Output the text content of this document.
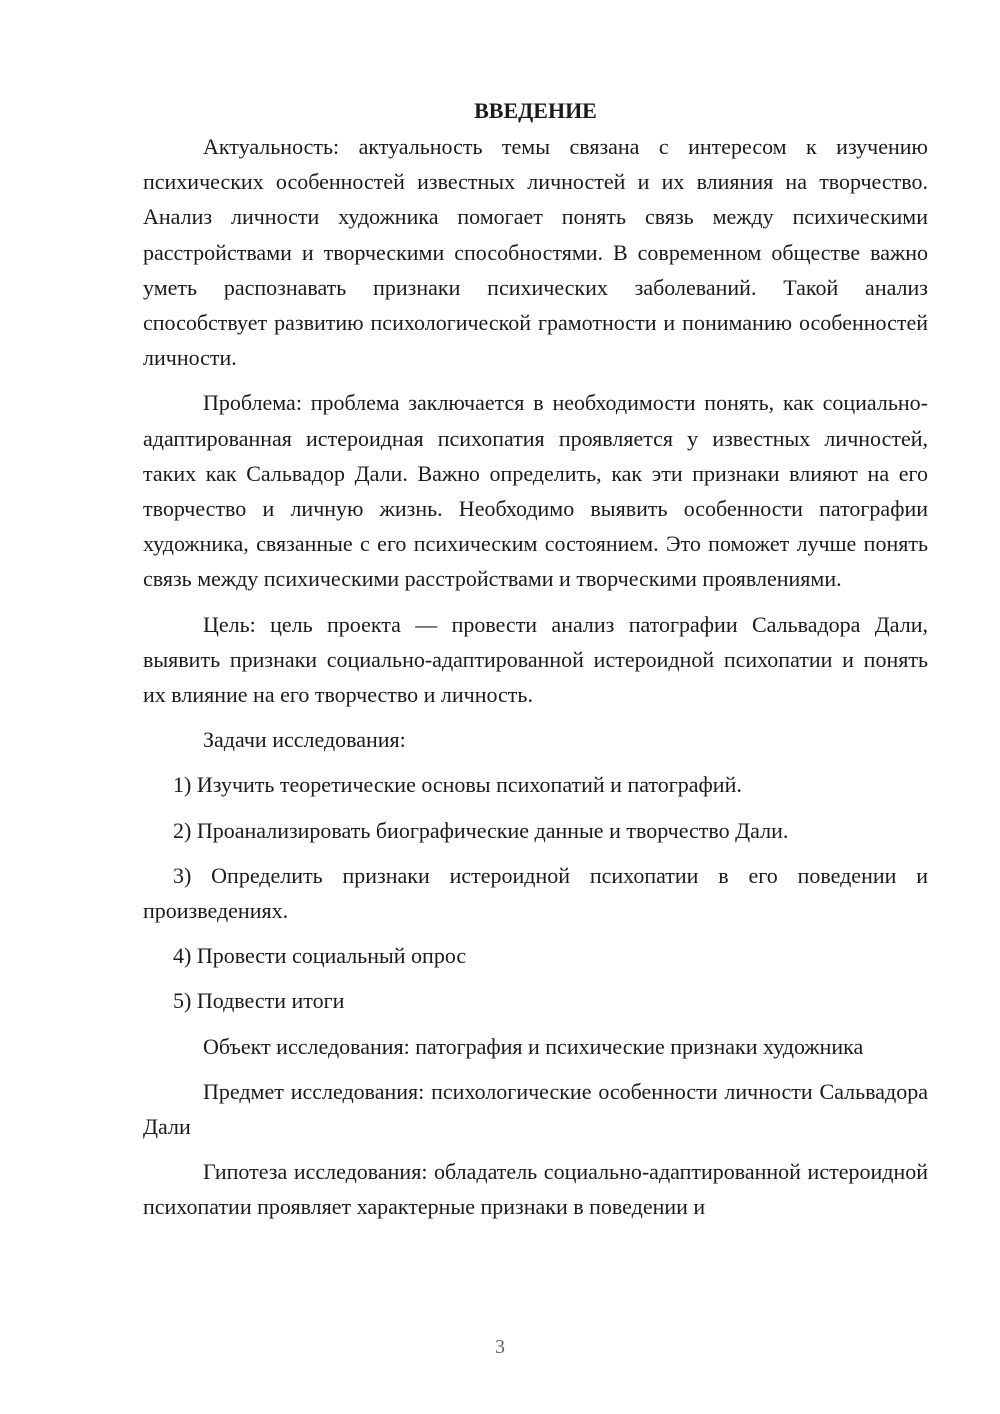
ВВЕДЕНИЕ

Актуальность: актуальность темы связана с интересом к изучению психических особенностей известных личностей и их влияния на творчество. Анализ личности художника помогает понять связь между психическими расстройствами и творческими способностями. В современном обществе важно уметь распознавать признаки психических заболеваний. Такой анализ способствует развитию психологической грамотности и пониманию особенностей личности.

Проблема: проблема заключается в необходимости понять, как социально-адаптированная истероидная психопатия проявляется у известных личностей, таких как Сальвадор Дали. Важно определить, как эти признаки влияют на его творчество и личную жизнь. Необходимо выявить особенности патографии художника, связанные с его психическим состоянием. Это поможет лучше понять связь между психическими расстройствами и творческими проявлениями.

Цель: цель проекта — провести анализ патографии Сальвадора Дали, выявить признаки социально-адаптированной истероидной психопатии и понять их влияние на его творчество и личность.

Задачи исследования:

1) Изучить теоретические основы психопатий и патографий.

2) Проанализировать биографические данные и творчество Дали.

3) Определить признаки истероидной психопатии в его поведении и произведениях.

4) Провести социальный опрос

5) Подвести итоги

Объект исследования: патография и психические признаки художника

Предмет исследования: психологические особенности личности Сальвадора Дали

Гипотеза исследования: обладатель социально-адаптированной истероидной психопатии проявляет характерные признаки в поведении и

3
